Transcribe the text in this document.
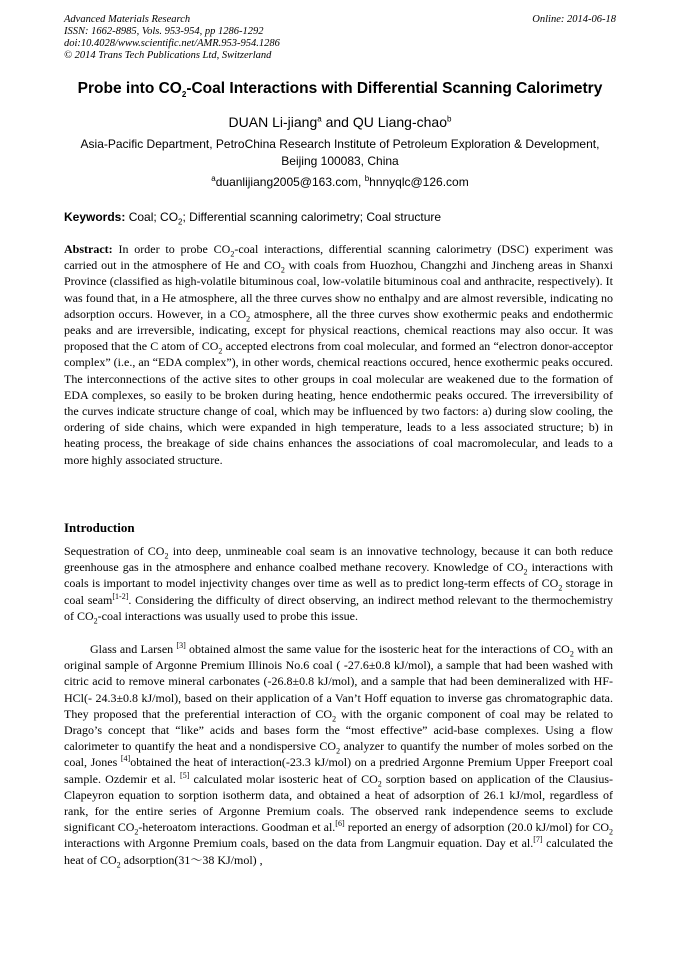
Advanced Materials Research
ISSN: 1662-8985, Vols. 953-954, pp 1286-1292
doi:10.4028/www.scientific.net/AMR.953-954.1286
© 2014 Trans Tech Publications Ltd, Switzerland
Online: 2014-06-18
Probe into $CO_2$-Coal Interactions with Differential Scanning Calorimetry
DUAN Li-jiang$^a$ and QU Liang-chao$^b$
Asia-Pacific Department, PetroChina Research Institute of Petroleum Exploration & Development,
Beijing 100083, China
$^a$duanlijiang2005@163.com, $^b$hnnyqlc@126.com
Keywords: Coal; $CO_2$; Differential scanning calorimetry; Coal structure
Abstract: In order to probe $CO_2$-coal interactions, differential scanning calorimetry (DSC) experiment was carried out in the atmosphere of He and $CO_2$ with coals from Huozhou, Changzhi and Jincheng areas in Shanxi Province (classified as high-volatile bituminous coal, low-volatile bituminous coal and anthracite, respectively). It was found that, in a He atmosphere, all the three curves show no enthalpy and are almost reversible, indicating no adsorption occurs. However, in a $CO_2$ atmosphere, all the three curves show exothermic peaks and endothermic peaks and are irreversible, indicating, except for physical reactions, chemical reactions may also occur. It was proposed that the C atom of $CO_2$ accepted electrons from coal molecular, and formed an “electron donor-acceptor complex” (i.e., an “EDA complex”), in other words, chemical reactions occured, hence exothermic peaks occured. The interconnections of the active sites to other groups in coal molecular are weakened due to the formation of EDA complexes, so easily to be broken during heating, hence endothermic peaks occured. The irreversibility of the curves indicate structure change of coal, which may be influenced by two factors: a) during slow cooling, the ordering of side chains, which were expanded in high temperature, leads to a less associated structure; b) in heating process, the breakage of side chains enhances the associations of coal macromolecular, and leads to a more highly associated structure.
Introduction
Sequestration of $CO_2$ into deep, unmineable coal seam is an innovative technology, because it can both reduce greenhouse gas in the atmosphere and enhance coalbed methane recovery. Knowledge of $CO_2$ interactions with coals is important to model injectivity changes over time as well as to predict long-term effects of $CO_2$ storage in coal seam[1-2]. Considering the difficulty of direct observing, an indirect method relevant to the thermochemistry of $CO_2$-coal interactions was usually used to probe this issue.
Glass and Larsen [3] obtained almost the same value for the isosteric heat for the interactions of $CO_2$ with an original sample of Argonne Premium Illinois No.6 coal ( -27.6±0.8 kJ/mol), a sample that had been washed with citric acid to remove mineral carbonates (-26.8±0.8 kJ/mol), and a sample that had been demineralized with HF-HCl(- 24.3±0.8 kJ/mol), based on their application of a Van’t Hoff equation to inverse gas chromatographic data. They proposed that the preferential interaction of $CO_2$ with the organic component of coal may be related to Drago’s concept that “like” acids and bases form the “most effective” acid-base complexes. Using a flow calorimeter to quantify the heat and a nondispersive $CO_2$ analyzer to quantify the number of moles sorbed on the coal, Jones [4]obtained the heat of interaction(-23.3 kJ/mol) on a predried Argonne Premium Upper Freeport coal sample. Ozdemir et al. [5] calculated molar isosteric heat of $CO_2$ sorption based on application of the Clausius-Clapeyron equation to sorption isotherm data, and obtained a heat of adsorption of 26.1 kJ/mol, regardless of rank, for the entire series of Argonne Premium coals. The observed rank independence seems to exclude significant $CO_2$-heteroatom interactions. Goodman et al.[6] reported an energy of adsorption (20.0 kJ/mol) for $CO_2$ interactions with Argonne Premium coals, based on the data from Langmuir equation. Day et al.[7] calculated the heat of $CO_2$ adsorption(31～38 KJ/mol) ,
